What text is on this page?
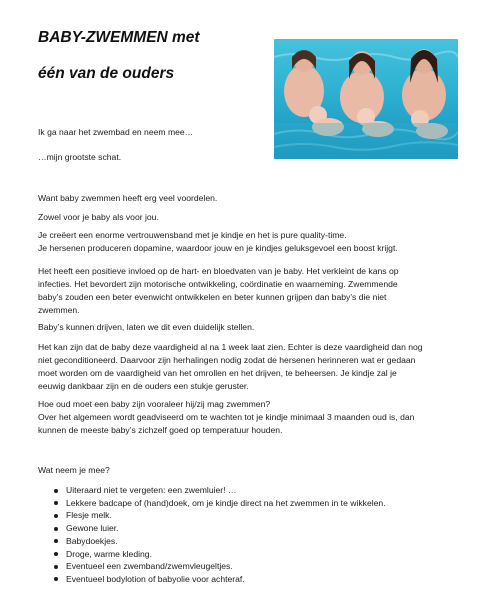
BABY-ZWEMMEN met
één van de ouders

Ik ga naar het zwembad en neem mee…

…mijn grootste schat.

Want baby zwemmen heeft erg veel voordelen.

Zowel voor je baby als voor jou.

Je creëert een enorme vertrouwensband met je kindje en het is pure quality-time.
Je hersenen produceren dopamine, waardoor jouw en je kindjes geluksgevoel een boost krijgt.
Het heeft een positieve invloed op de hart- en bloedvaten van je baby. Het verkleint de kans op
infecties. Het bevordert zijn motorische ontwikkeling, coördinatie en waarneming. Zwemmende
baby’s zouden een beter evenwicht ontwikkelen en beter kunnen grijpen dan baby’s die niet
zwemmen.

Baby’s kunnen drijven, laten we dit even duidelijk stellen.

Het kan zijn dat de baby deze vaardigheid al na 1 week laat zien. Echter is deze vaardigheid dan nog
niet geconditioneerd. Daarvoor zijn herhalingen nodig zodat de hersenen herinneren wat er gedaan
moet worden om de vaardigheid van het omrollen en het drijven, te beheersen. Je kindje zal je
eeuwig dankbaar zijn en de ouders een stukje geruster.
Hoe oud moet een baby zijn vooraleer hij/zij mag zwemmen?
Over het algemeen wordt geadviseerd om te wachten tot je kindje minimaal 3 maanden oud is, dan
kunnen de meeste baby’s zichzelf goed op temperatuur houden.

Wat neem je mee?

Uiteraard niet te vergeten: een zwemluier! …
Lekkere badcape of (hand)doek, om je kindje direct na het zwemmen in te wikkelen.
Flesje melk.
Gewone luier.
Babydoekjes.
Droge, warme kleding.
Eventueel een zwemband/zwemvleugeltjes.
Eventueel bodylotion of babyolie voor achteraf.
